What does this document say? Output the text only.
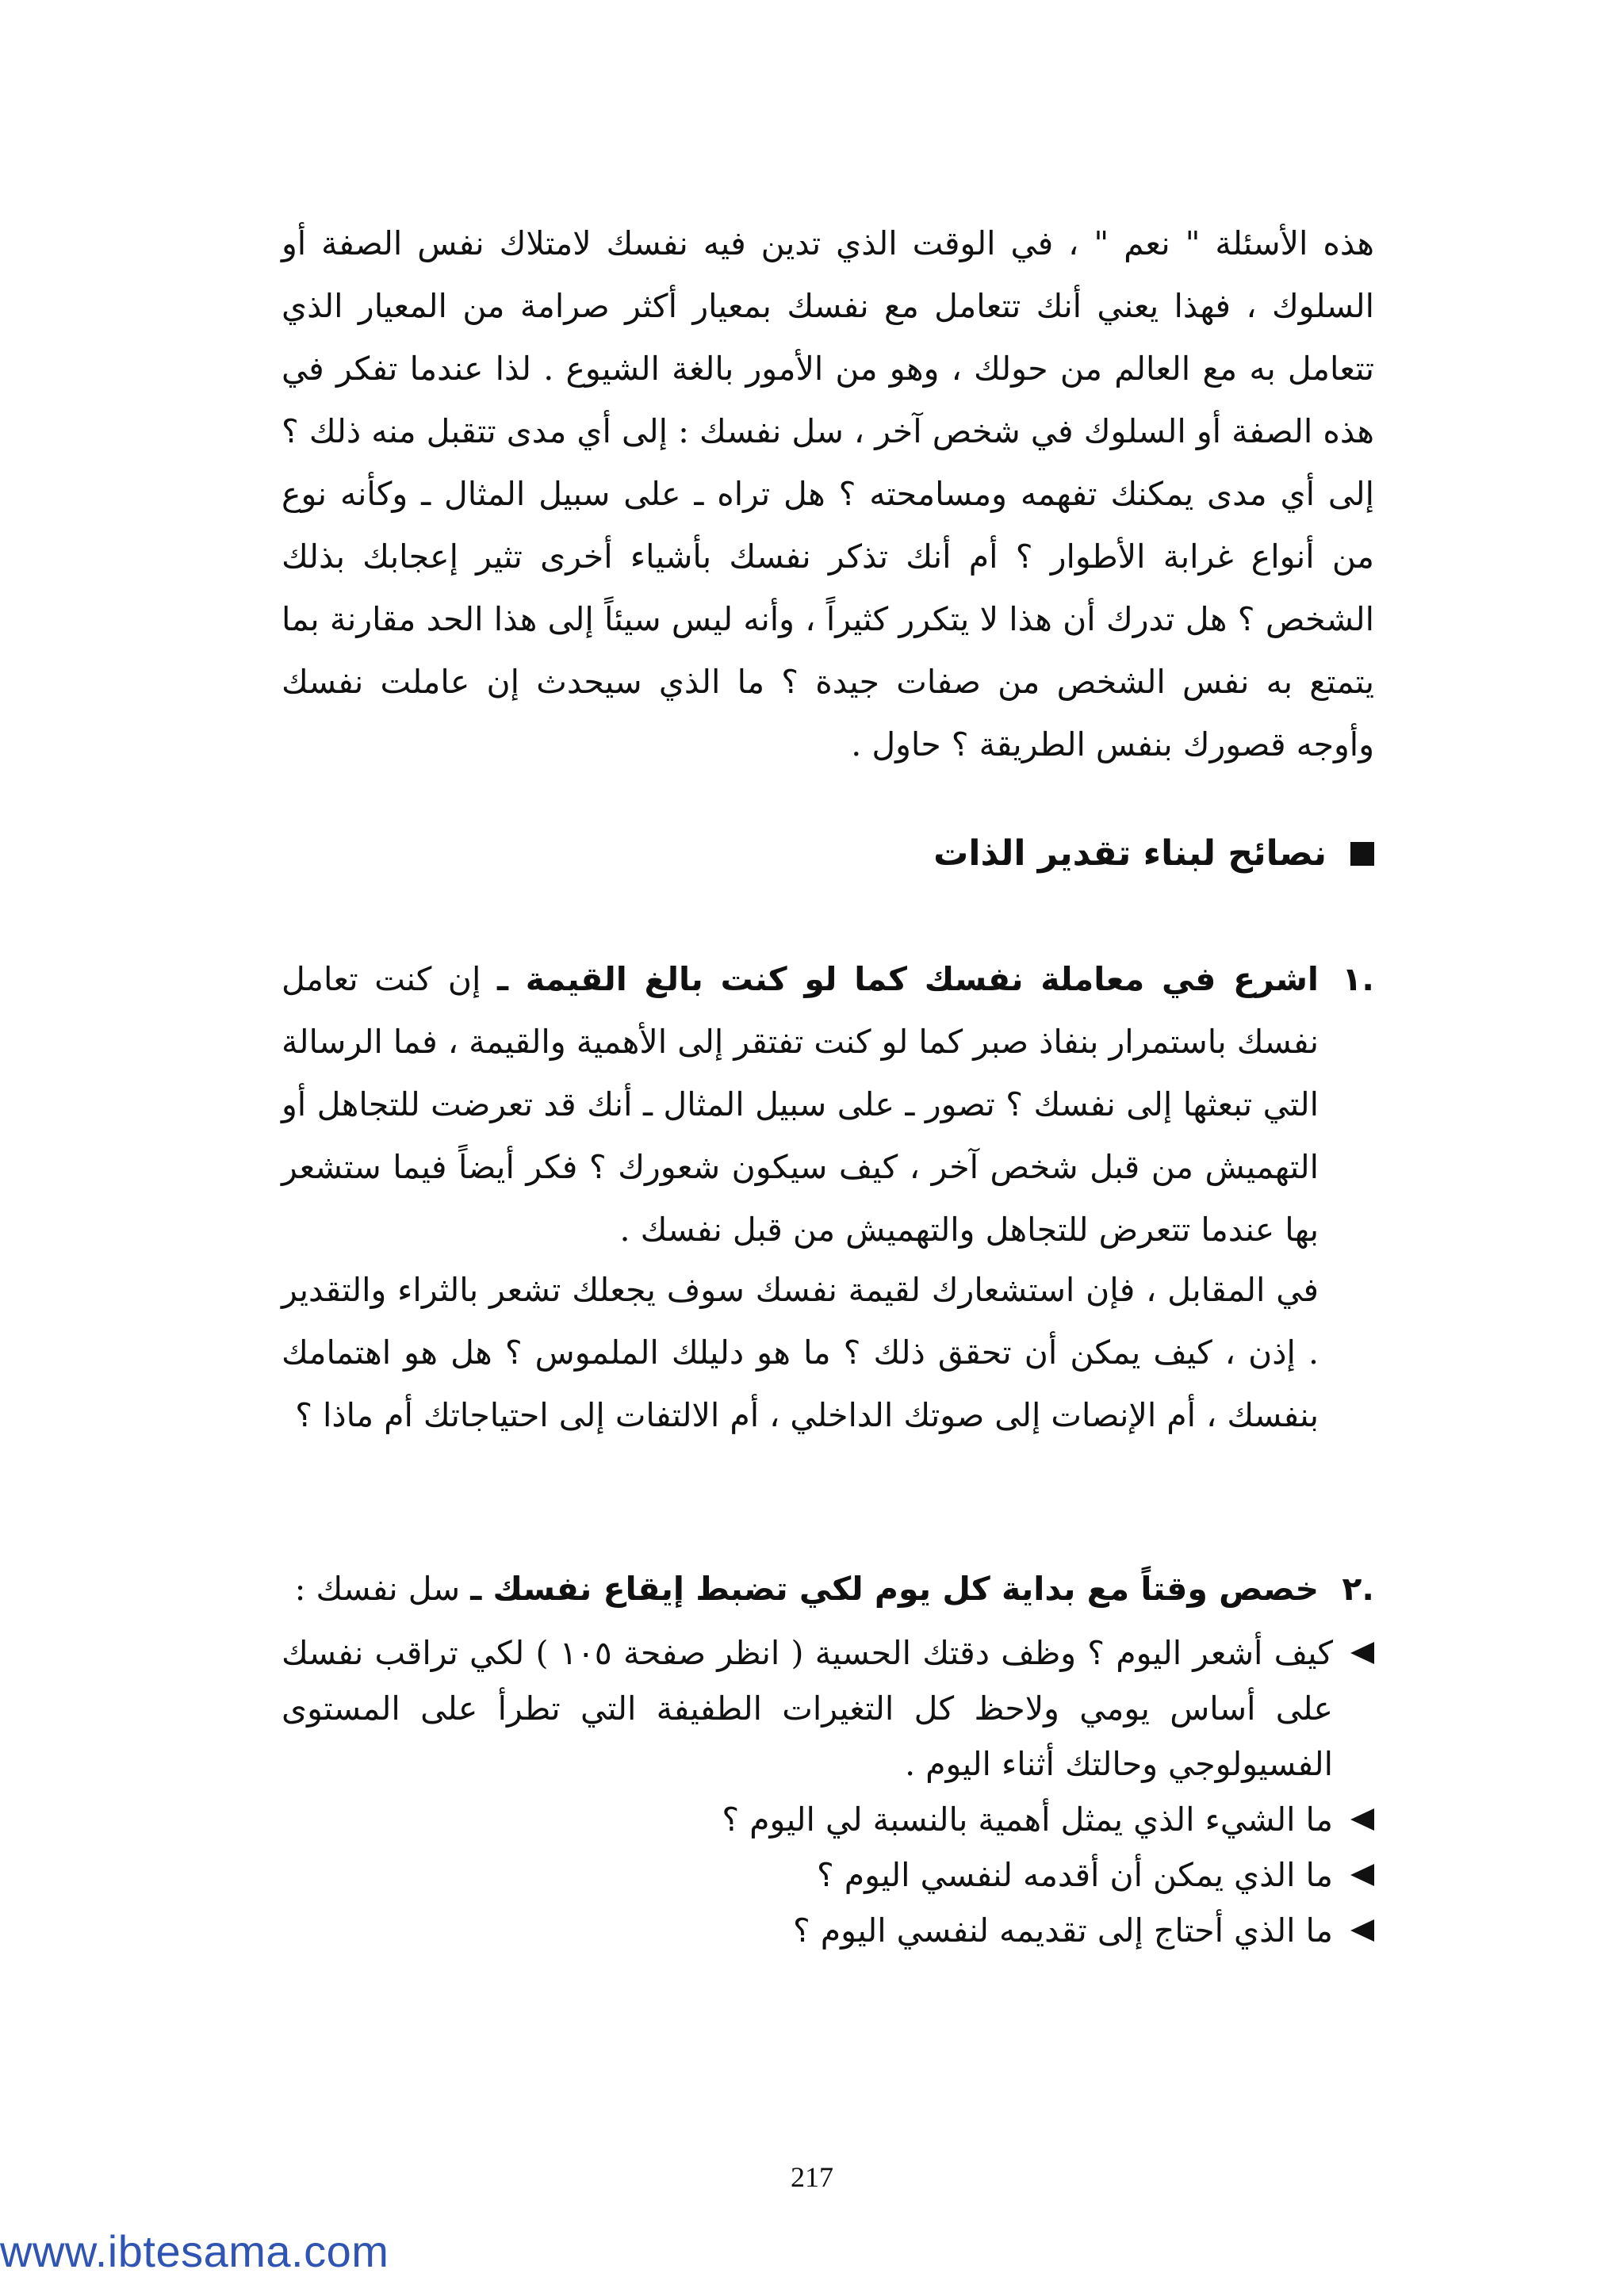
هذه الأسئلة " نعم " ، في الوقت الذي تدين فيه نفسك لامتلاك نفس الصفة أو السلوك ، فهذا يعني أنك تتعامل مع نفسك بمعيار أكثر صرامة من المعيار الذي تتعامل به مع العالم من حولك ، وهو من الأمور بالغة الشيوع . لذا عندما تفكر في هذه الصفة أو السلوك في شخص آخر ، سل نفسك : إلى أي مدى تتقبل منه ذلك ؟ إلى أي مدى يمكنك تفهمه ومسامحته ؟ هل تراه ـ على سبيل المثال ـ وكأنه نوع من أنواع غرابة الأطوار ؟ أم أنك تذكر نفسك بأشياء أخرى تثير إعجابك بذلك الشخص ؟ هل تدرك أن هذا لا يتكرر كثيراً ، وأنه ليس سيئاً إلى هذا الحد مقارنة بما يتمتع به نفس الشخص من صفات جيدة ؟ ما الذي سيحدث إن عاملت نفسك وأوجه قصورك بنفس الطريقة ؟ حاول .

نصائح لبناء تقدير الذات
.١

اشرع في معاملة نفسك كما لو كنت بالغ القيمة ـ إن كنت تعامل نفسك باستمرار بنفاذ صبر كما لو كنت تفتقر إلى الأهمية والقيمة ، فما الرسالة التي تبعثها إلى نفسك ؟ تصور ـ على سبيل المثال ـ أنك قد تعرضت للتجاهل أو التهميش من قبل شخص آخر ، كيف سيكون شعورك ؟ فكر أيضاً فيما ستشعر بها عندما تتعرض للتجاهل والتهميش من قبل نفسك .

في المقابل ، فإن استشعارك لقيمة نفسك سوف يجعلك تشعر بالثراء والتقدير . إذن ، كيف يمكن أن تحقق ذلك ؟ ما هو دليلك الملموس ؟ هل هو اهتمامك بنفسك ، أم الإنصات إلى صوتك الداخلي ، أم الالتفات إلى احتياجاتك أم ماذا ؟

.٢

خصص وقتاً مع بداية كل يوم لكي تضبط إيقاع نفسك ـ سل نفسك :

كيف أشعر اليوم ؟ وظف دقتك الحسية ( انظر صفحة ١٠٥ ) لكي تراقب نفسك على أساس يومي ولاحظ كل التغيرات الطفيفة التي تطرأ على المستوى الفسيولوجي وحالتك أثناء اليوم .
ما الشيء الذي يمثل أهمية بالنسبة لي اليوم ؟
ما الذي يمكن أن أقدمه لنفسي اليوم ؟
ما الذي أحتاج إلى تقديمه لنفسي اليوم ؟
217
www.ibtesama.com
